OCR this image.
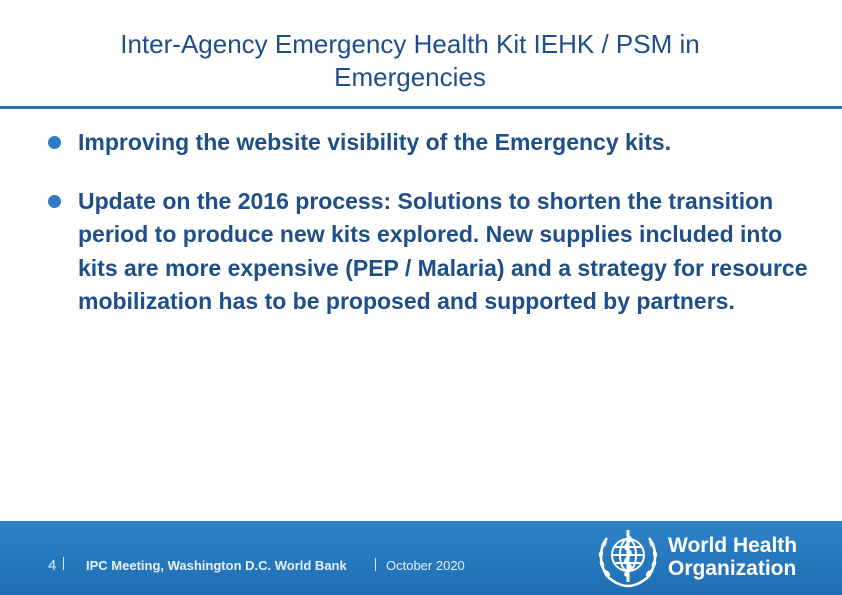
Inter-Agency Emergency Health Kit IEHK / PSM in
Emergencies
Improving the website visibility of the Emergency kits.
Update on the 2016 process: Solutions to shorten the transition period to produce new kits explored. New supplies included into kits are more expensive (PEP / Malaria) and a strategy for resource mobilization has to be proposed and supported by partners.
4 IPC Meeting, Washington D.C. World Bank	October 2020
World Health
Organization
